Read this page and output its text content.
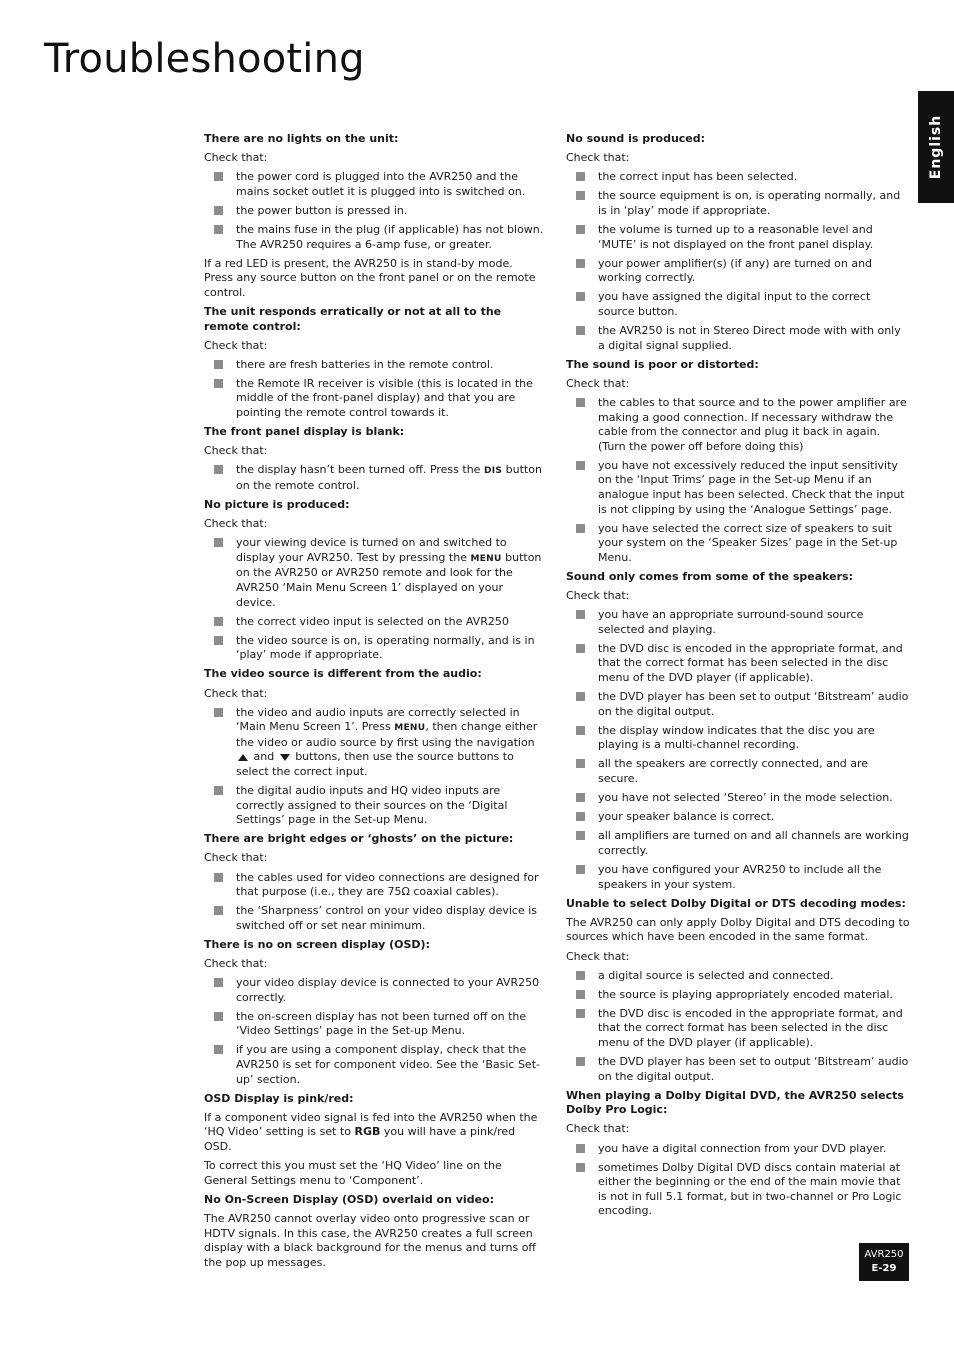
Troubleshooting
English
There are no lights on the unit:
Check that:
the power cord is plugged into the AVR250 and the mains socket outlet it is plugged into is switched on.
the power button is pressed in.
the mains fuse in the plug (if applicable) has not blown. The AVR250 requires a 6-amp fuse, or greater.
If a red LED is present, the AVR250 is in stand-by mode. Press any source button on the front panel or on the remote control.
The unit responds erratically or not at all to the remote control:
Check that:
there are fresh batteries in the remote control.
the Remote IR receiver is visible (this is located in the middle of the front-panel display) and that you are pointing the remote control towards it.
The front panel display is blank:
Check that:
the display hasn’t been turned off. Press the DIS button on the remote control.
No picture is produced:
Check that:
your viewing device is turned on and switched to display your AVR250. Test by pressing the MENU button on the AVR250 or AVR250 remote and look for the AVR250 ‘Main Menu Screen 1’ displayed on your device.
the correct video input is selected on the AVR250
the video source is on, is operating normally, and is in ‘play’ mode if appropriate.
The video source is different from the audio:
Check that:
the video and audio inputs are correctly selected in ‘Main Menu Screen 1’. Press MENU, then change either the video or audio source by first using the navigation  and  buttons, then use the source buttons to select the correct input.
the digital audio inputs and HQ video inputs are correctly assigned to their sources on the ‘Digital Settings’ page in the Set-up Menu.
There are bright edges or ‘ghosts’ on the picture:
Check that:
the cables used for video connections are designed for that purpose (i.e., they are 75Ω coaxial cables).
the ‘Sharpness’ control on your video display device is switched off or set near minimum.
There is no on screen display (OSD):
Check that:
your video display device is connected to your AVR250 correctly.
the on-screen display has not been turned off on the ‘Video Settings’ page in the Set-up Menu.
if you are using a component display, check that the AVR250 is set for component video. See the ‘Basic Set-up’ section.
OSD Display is pink/red:
If a component video signal is fed into the AVR250 when the ‘HQ Video’ setting is set to RGB you will have a pink/red OSD.
To correct this you must set the ‘HQ Video’ line on the General Settings menu to ‘Component’.
No On-Screen Display (OSD) overlaid on video:
The AVR250 cannot overlay video onto progressive scan or HDTV signals. In this case, the AVR250 creates a full screen display with a black background for the menus and turns off the pop up messages.
No sound is produced:
Check that:
the correct input has been selected.
the source equipment is on, is operating normally, and is in ‘play’ mode if appropriate.
the volume is turned up to a reasonable level and ‘MUTE’ is not displayed on the front panel display.
your power amplifier(s) (if any) are turned on and working correctly.
you have assigned the digital input to the correct source button.
the AVR250 is not in Stereo Direct mode with with only a digital signal supplied.
The sound is poor or distorted:
Check that:
the cables to that source and to the power amplifier are making a good connection. If necessary withdraw the cable from the connector and plug it back in again. (Turn the power off before doing this)
you have not excessively reduced the input sensitivity on the ‘Input Trims’ page in the Set-up Menu if an analogue input has been selected. Check that the input is not clipping by using the ‘Analogue Settings’ page.
you have selected the correct size of speakers to suit your system on the ‘Speaker Sizes’ page in the Set-up Menu.
Sound only comes from some of the speakers:
Check that:
you have an appropriate surround-sound source selected and playing.
the DVD disc is encoded in the appropriate format, and that the correct format has been selected in the disc menu of the DVD player (if applicable).
the DVD player has been set to output ‘Bitstream’ audio on the digital output.
the display window indicates that the disc you are playing is a multi-channel recording.
all the speakers are correctly connected, and are secure.
you have not selected ‘Stereo’ in the mode selection.
your speaker balance is correct.
all amplifiers are turned on and all channels are working correctly.
you have configured your AVR250 to include all the speakers in your system.
Unable to select Dolby Digital or DTS decoding modes:
The AVR250 can only apply Dolby Digital and DTS decoding to sources which have been encoded in the same format.
Check that:
a digital source is selected and connected.
the source is playing appropriately encoded material.
the DVD disc is encoded in the appropriate format, and that the correct format has been selected in the disc menu of the DVD player (if applicable).
the DVD player has been set to output ‘Bitstream’ audio on the digital output.
When playing a Dolby Digital DVD, the AVR250 selects Dolby Pro Logic:
Check that:
you have a digital connection from your DVD player.
sometimes Dolby Digital DVD discs contain material at either the beginning or the end of the main movie that is not in full 5.1 format, but in two-channel or Pro Logic encoding.
AVR250
E-29
